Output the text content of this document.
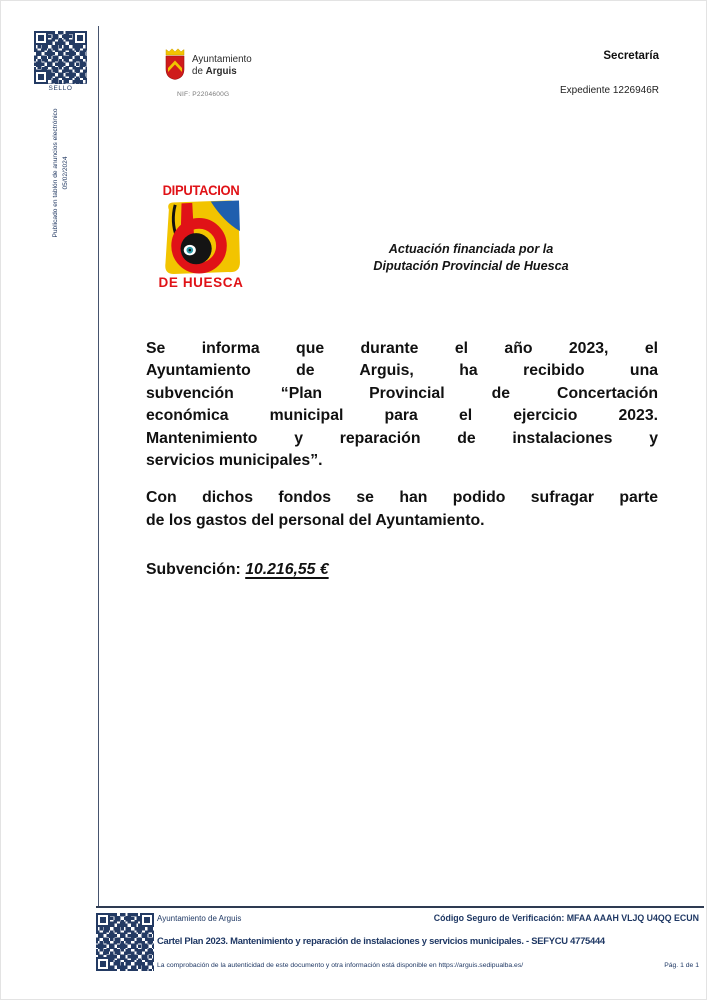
SELLO
Publicado en tablón de anuncios electrónico 05/02/2024
Ayuntamiento
de Arguis
NIF: P2204600G
Secretaría
Expediente 1226946R
DIPUTACION
DE HUESCA
Actuación financiada por la
Diputación Provincial de Huesca
Se informa que durante el año 2023, el
Ayuntamiento de Arguis, ha recibido una
subvención “Plan Provincial de Concertación
económica municipal para el ejercicio 2023.
Mantenimiento y reparación de instalaciones y
servicios municipales”.
Con dichos fondos se han podido sufragar parte
de los gastos del personal del Ayuntamiento.
Subvención: 10.216,55 €
Ayuntamiento de Arguis	Código Seguro de Verificación: MFAA AAAH VLJQ U4QQ ECUN
Cartel Plan 2023. Mantenimiento y reparación de instalaciones y servicios municipales. - SEFYCU 4775444
La comprobación de la autenticidad de este documento y otra información está disponible en https://arguis.sedipualba.es/	Pág. 1 de 1
